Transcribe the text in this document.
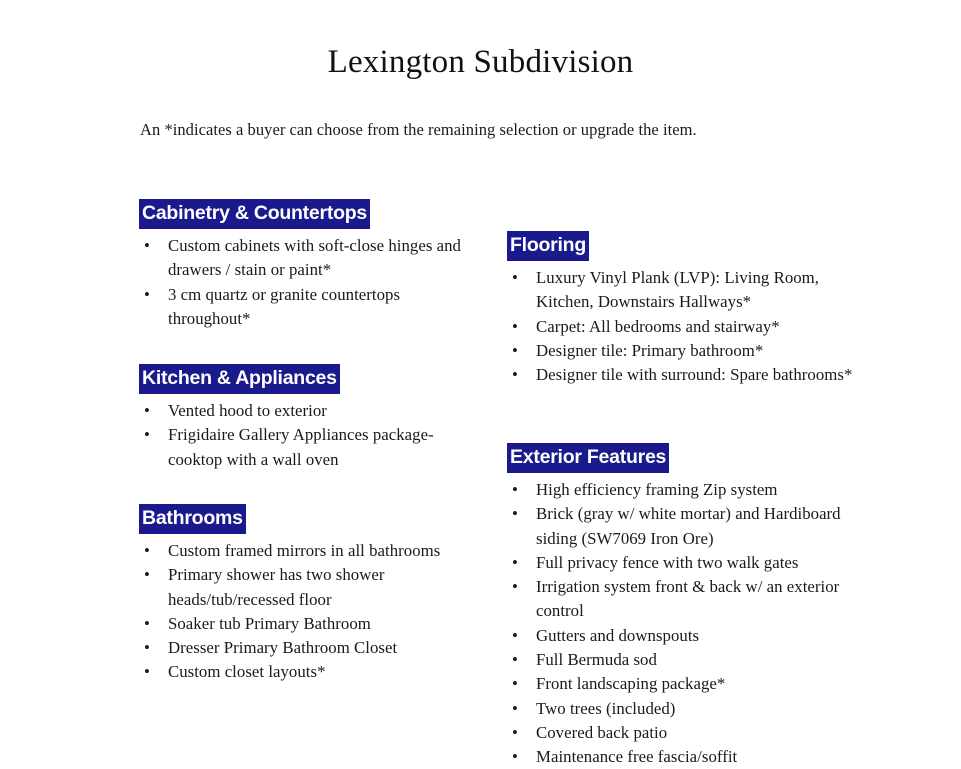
Lexington Subdivision

An *indicates a buyer can choose from the remaining selection or upgrade the item.

Cabinetry & Countertops
•	Custom cabinets with soft-close hinges and drawers / stain or paint*
•	3 cm quartz or granite countertops throughout*
Kitchen & Appliances
•	Vented hood to exterior
•	Frigidaire Gallery Appliances package-cooktop with a wall oven
Bathrooms
•	Custom framed mirrors in all bathrooms
•	Primary shower has two shower heads/tub/recessed floor
•	Soaker tub Primary Bathroom
•	Dresser Primary Bathroom Closet
•	Custom closet layouts*
Flooring
•	Luxury Vinyl Plank (LVP): Living Room, Kitchen, Downstairs Hallways*
•	Carpet: All bedrooms and stairway*
•	Designer tile: Primary bathroom*
•	Designer tile with surround: Spare bathrooms*
Exterior Features
•	High efficiency framing Zip system
•	Brick (gray w/ white mortar) and Hardiboard siding (SW7069 Iron Ore)
•	Full privacy fence with two walk gates
•	Irrigation system front & back w/ an exterior control
•	Gutters and downspouts
•	Full Bermuda sod
•	Front landscaping package*
•	Two trees (included)
•	Covered back patio
•	Maintenance free fascia/soffit
